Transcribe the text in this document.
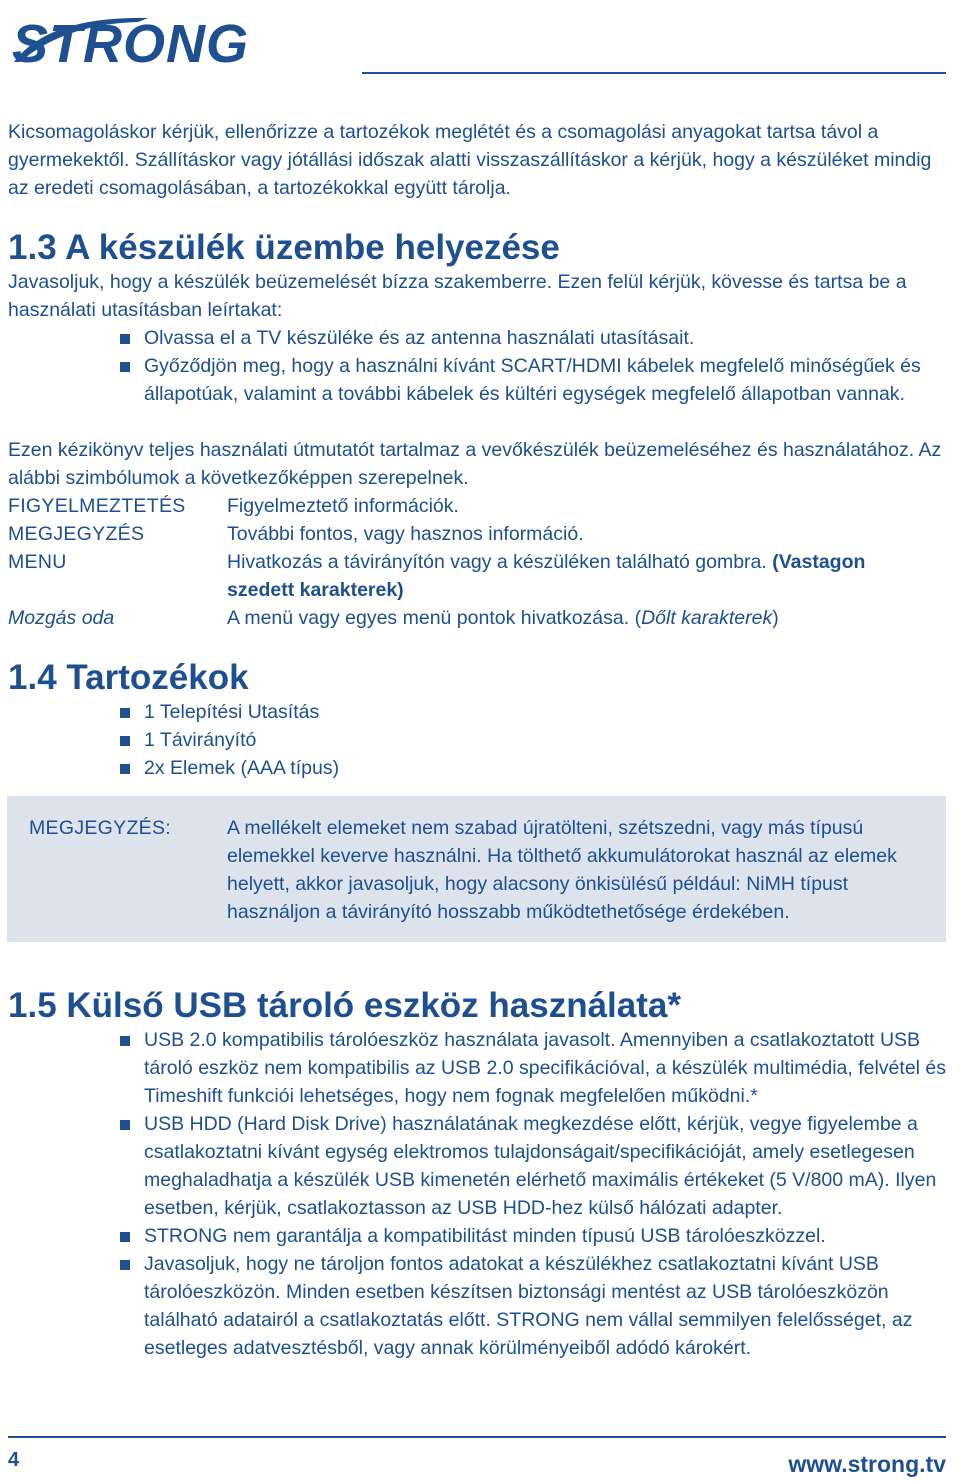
STRONG

Kicsomagoláskor kérjük, ellenőrizze a tartozékok meglétét és a csomagolási anyagokat tartsa távol a gyermekektől. Szállításkor vagy jótállási időszak alatti visszaszállításkor a kérjük, hogy a készüléket mindig az eredeti csomagolásában, a tartozékokkal együtt tárolja.

1.3 A készülék üzembe helyezése

Javasoljuk, hogy a készülék beüzemelését bízza szakemberre. Ezen felül kérjük, kövesse és tartsa be a használati utasításban leírtakat:

Olvassa el a TV készüléke és az antenna használati utasításait.
Győződjön meg, hogy a használni kívánt SCART/HDMI kábelek megfelelő minőségűek és állapotúak, valamint a további kábelek és kültéri egységek megfelelő állapotban vannak.

Ezen kézikönyv teljes használati útmutatót tartalmaz a vevőkészülék beüzemeléséhez és használatához. Az alábbi szimbólumok a következőképpen szerepelnek.

FIGYELMEZTETÉS	Figyelmeztető információk.
MEGJEGYZÉS	További fontos, vagy hasznos információ.
MENU	Hivatkozás a távirányítón vagy a készüléken található gombra. (Vastagon szedett karakterek)
Mozgás oda	A menü vagy egyes menü pontok hivatkozása. (Dőlt karakterek)
1.4 Tartozékok
1 Telepítési Utasítás
1 Távirányító
2x Elemek (AAA típus)
MEGJEGYZÉS:	A mellékelt elemeket nem szabad újratölteni, szétszedni, vagy más típusú elemekkel keverve használni. Ha tölthető akkumulátorokat használ az elemek helyett, akkor javasoljuk, hogy alacsony önkisülésű például: NiMH típust használjon a távirányító hosszabb működtethetősége érdekében.
1.5 Külső USB tároló eszköz használata*
USB 2.0 kompatibilis tárolóeszköz használata javasolt. Amennyiben a csatlakoztatott USB tároló eszköz nem kompatibilis az USB 2.0 specifikációval, a készülék multimédia, felvétel és Timeshift funkciói lehetséges, hogy nem fognak megfelelően működni.*
USB HDD (Hard Disk Drive) használatának megkezdése előtt, kérjük, vegye figyelembe a csatlakoztatni kívánt egység elektromos tulajdonságait/specifikációját, amely esetlegesen meghaladhatja a készülék USB kimenetén elérhető maximális értékeket (5 V/800 mA). Ilyen esetben, kérjük, csatlakoztasson az USB HDD-hez külső hálózati adapter.
STRONG nem garantálja a kompatibilitást minden típusú USB tárolóeszközzel.
Javasoljuk, hogy ne tároljon fontos adatokat a készülékhez csatlakoztatni kívánt USB tárolóeszközön. Minden esetben készítsen biztonsági mentést az USB tárolóeszközön található adatairól a csatlakoztatás előtt. STRONG nem vállal semmilyen felelősséget, az esetleges adatvesztésből, vagy annak körülményeiből adódó károkért.
4	www.strong.tv
